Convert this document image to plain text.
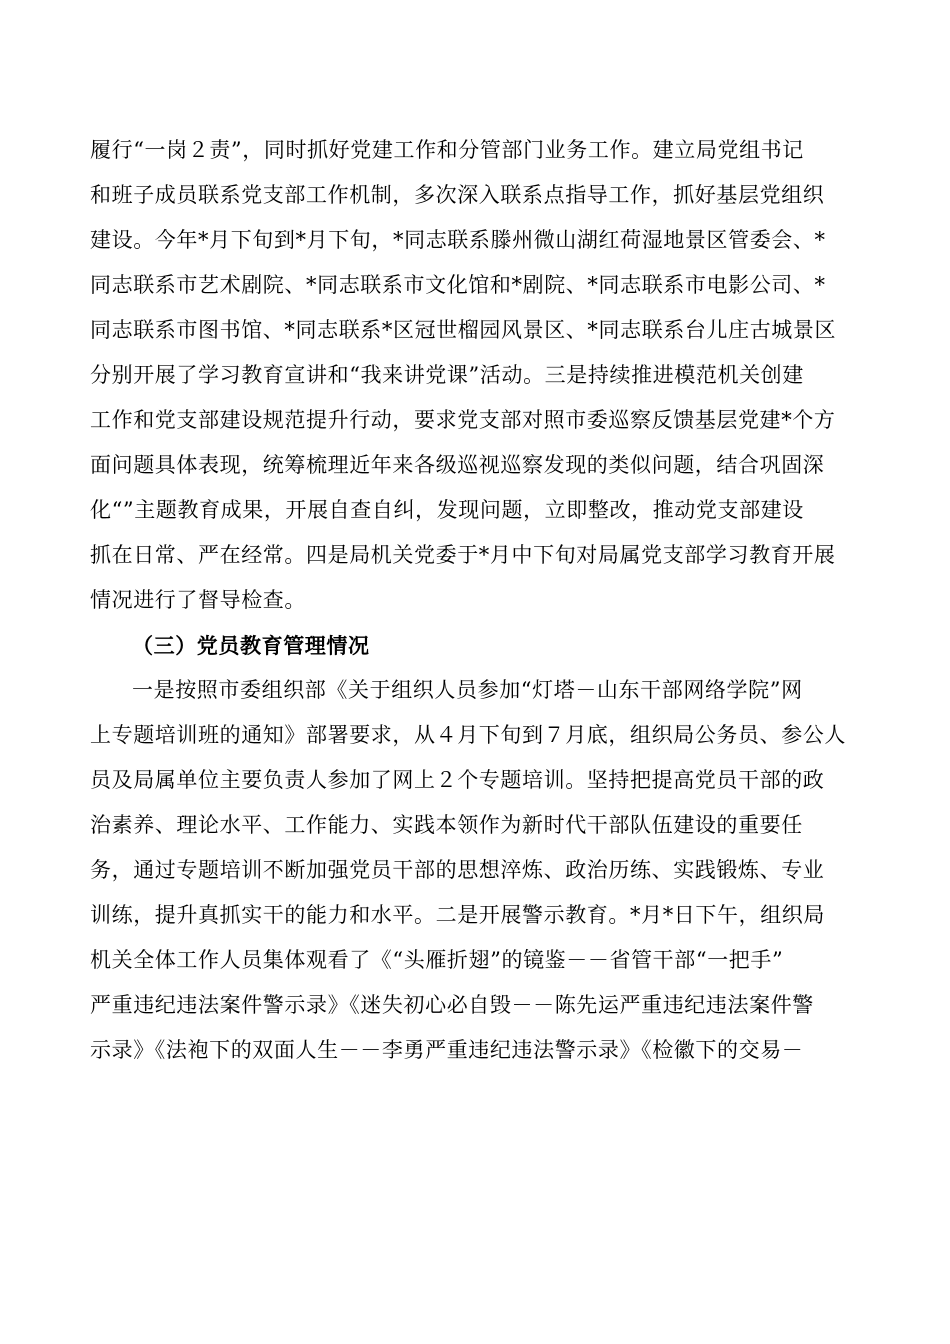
履行“一岗２责”，同时抓好党建工作和分管部门业务工作。建立局党组书记
和班子成员联系党支部工作机制，多次深入联系点指导工作，抓好基层党组织
建设。今年*月下旬到*月下旬，*同志联系滕州微山湖红荷湿地景区管委会、*
同志联系市艺术剧院、*同志联系市文化馆和*剧院、*同志联系市电影公司、*
同志联系市图书馆、*同志联系*区冠世榴园风景区、*同志联系台儿庄古城景区
分别开展了学习教育宣讲和“我来讲党课”活动。三是持续推进模范机关创建
工作和党支部建设规范提升行动，要求党支部对照市委巡察反馈基层党建*个方
面问题具体表现，统筹梳理近年来各级巡视巡察发现的类似问题，结合巩固深
化“”主题教育成果，开展自查自纠，发现问题，立即整改，推动党支部建设
抓在日常、严在经常。四是局机关党委于*月中下旬对局属党支部学习教育开展
情况进行了督导检查。
（三）党员教育管理情况
一是按照市委组织部《关于组织人员参加“灯塔－山东干部网络学院”网
上专题培训班的通知》部署要求，从４月下旬到７月底，组织局公务员、参公人
员及局属单位主要负责人参加了网上２个专题培训。坚持把提高党员干部的政
治素养、理论水平、工作能力、实践本领作为新时代干部队伍建设的重要任
务，通过专题培训不断加强党员干部的思想淬炼、政治历练、实践锻炼、专业
训练，提升真抓实干的能力和水平。二是开展警示教育。*月*日下午，组织局
机关全体工作人员集体观看了《“头雁折翅”的镜鉴－－省管干部“一把手”
严重违纪违法案件警示录》《迷失初心必自毁－－陈先运严重违纪违法案件警
示录》《法袍下的双面人生－－李勇严重违纪违法警示录》《检徽下的交易－
